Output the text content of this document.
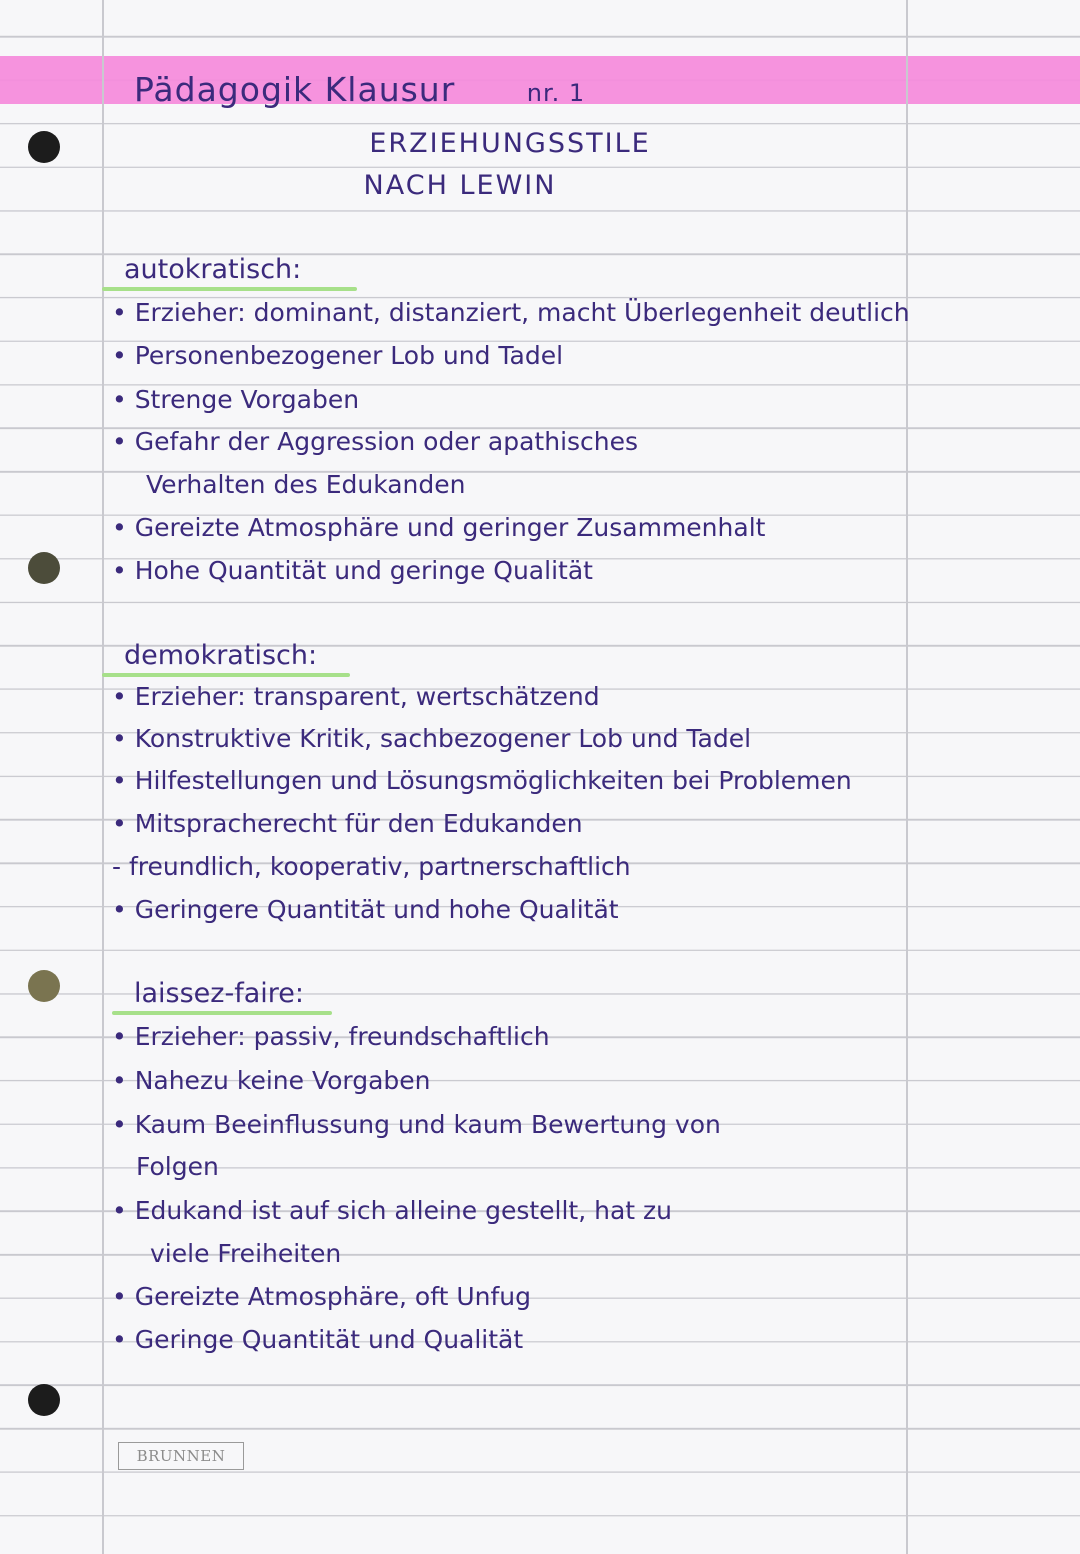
Pädagogik Klausur	nr. 1
ERZIEHUNGSSTILE
NACH LEWIN
autokratisch:
• Erzieher: dominant, distanziert, macht Überlegenheit deutlich
• Personenbezogener Lob und Tadel
• Strenge Vorgaben
• Gefahr der Aggression oder apathisches
Verhalten des Edukanden
• Gereizte Atmosphäre und geringer Zusammenhalt
• Hohe Quantität und geringe Qualität
demokratisch:
• Erzieher: transparent, wertschätzend
• Konstruktive Kritik, sachbezogener Lob und Tadel
• Hilfestellungen und Lösungsmöglichkeiten bei Problemen
• Mitspracherecht für den Edukanden
- freundlich, kooperativ, partnerschaftlich
• Geringere Quantität und hohe Qualität
laissez-faire:
• Erzieher: passiv, freundschaftlich
• Nahezu keine Vorgaben
• Kaum Beeinflussung und kaum Bewertung von
Folgen
• Edukand ist auf sich alleine gestellt, hat zu
viele Freiheiten
• Gereizte Atmosphäre, oft Unfug
• Geringe Quantität und Qualität
BRUNNEN
